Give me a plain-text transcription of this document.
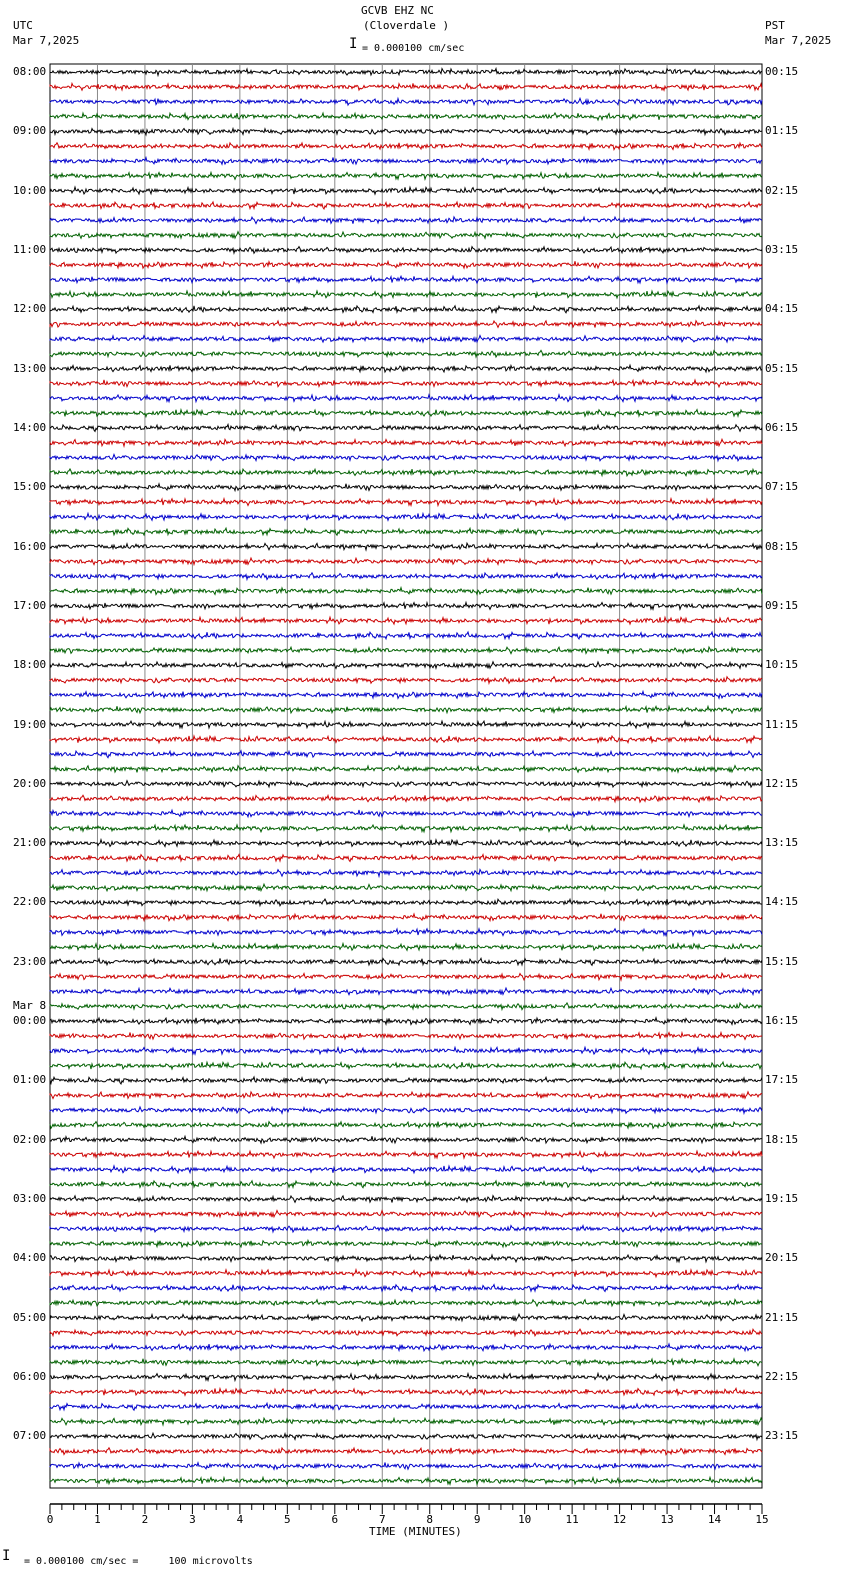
GCVB EHZ NC
(Cloverdale )
UTC
Mar 7,2025
PST
Mar 7,2025
I = 0.000100 cm/sec
0	1	2	3	4	5	6	7	8	9	10	11	12	13	14	15
08:00
09:00
10:00
11:00
12:00
13:00
14:00
15:00
16:00
17:00
18:00
19:00
20:00
21:00
22:00
23:00
00:00
01:00
02:00
03:00
04:00
05:00
06:00
07:00
00:15
01:15
02:15
03:15
04:15
05:15
06:15
07:15
08:15
09:15
10:15
11:15
12:15
13:15
14:15
15:15
16:15
17:15
18:15
19:15
20:15
21:15
22:15
23:15
Mar 8
TIME (MINUTES)
I = 0.000100 cm/sec =     100 microvolts
